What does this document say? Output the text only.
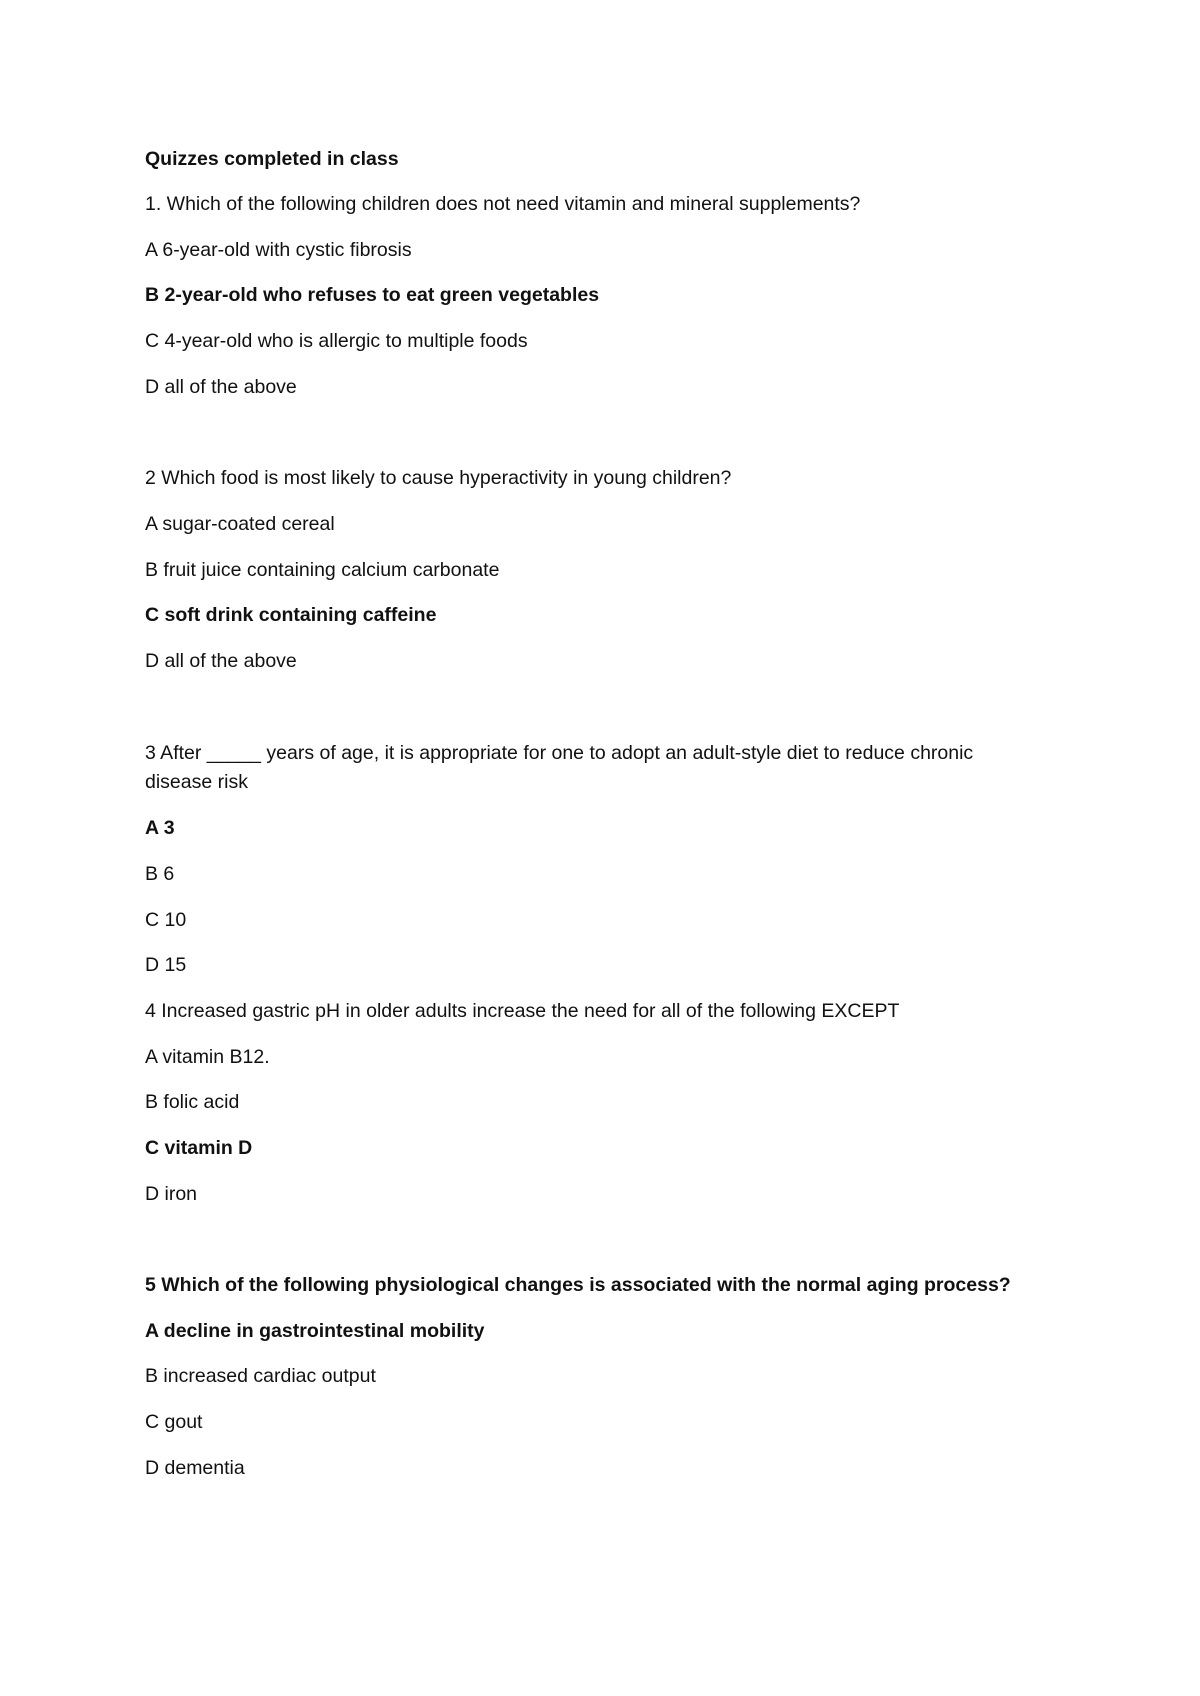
Quizzes completed in class
1. Which of the following children does not need vitamin and mineral supplements?
A 6-year-old with cystic fibrosis
B 2-year-old who refuses to eat green vegetables
C 4-year-old who is allergic to multiple foods
D all of the above
2 Which food is most likely to cause hyperactivity in young children?
A sugar-coated cereal
B fruit juice containing calcium carbonate
C soft drink containing caffeine
D all of the above
3 After _____ years of age, it is appropriate for one to adopt an adult-style diet to reduce chronic disease risk
A 3
B 6
C 10
D 15
4 Increased gastric pH in older adults increase the need for all of the following EXCEPT
A vitamin B12.
B folic acid
C vitamin D
D iron
5 Which of the following physiological changes is associated with the normal aging process?
A decline in gastrointestinal mobility
B increased cardiac output
C gout
D dementia
